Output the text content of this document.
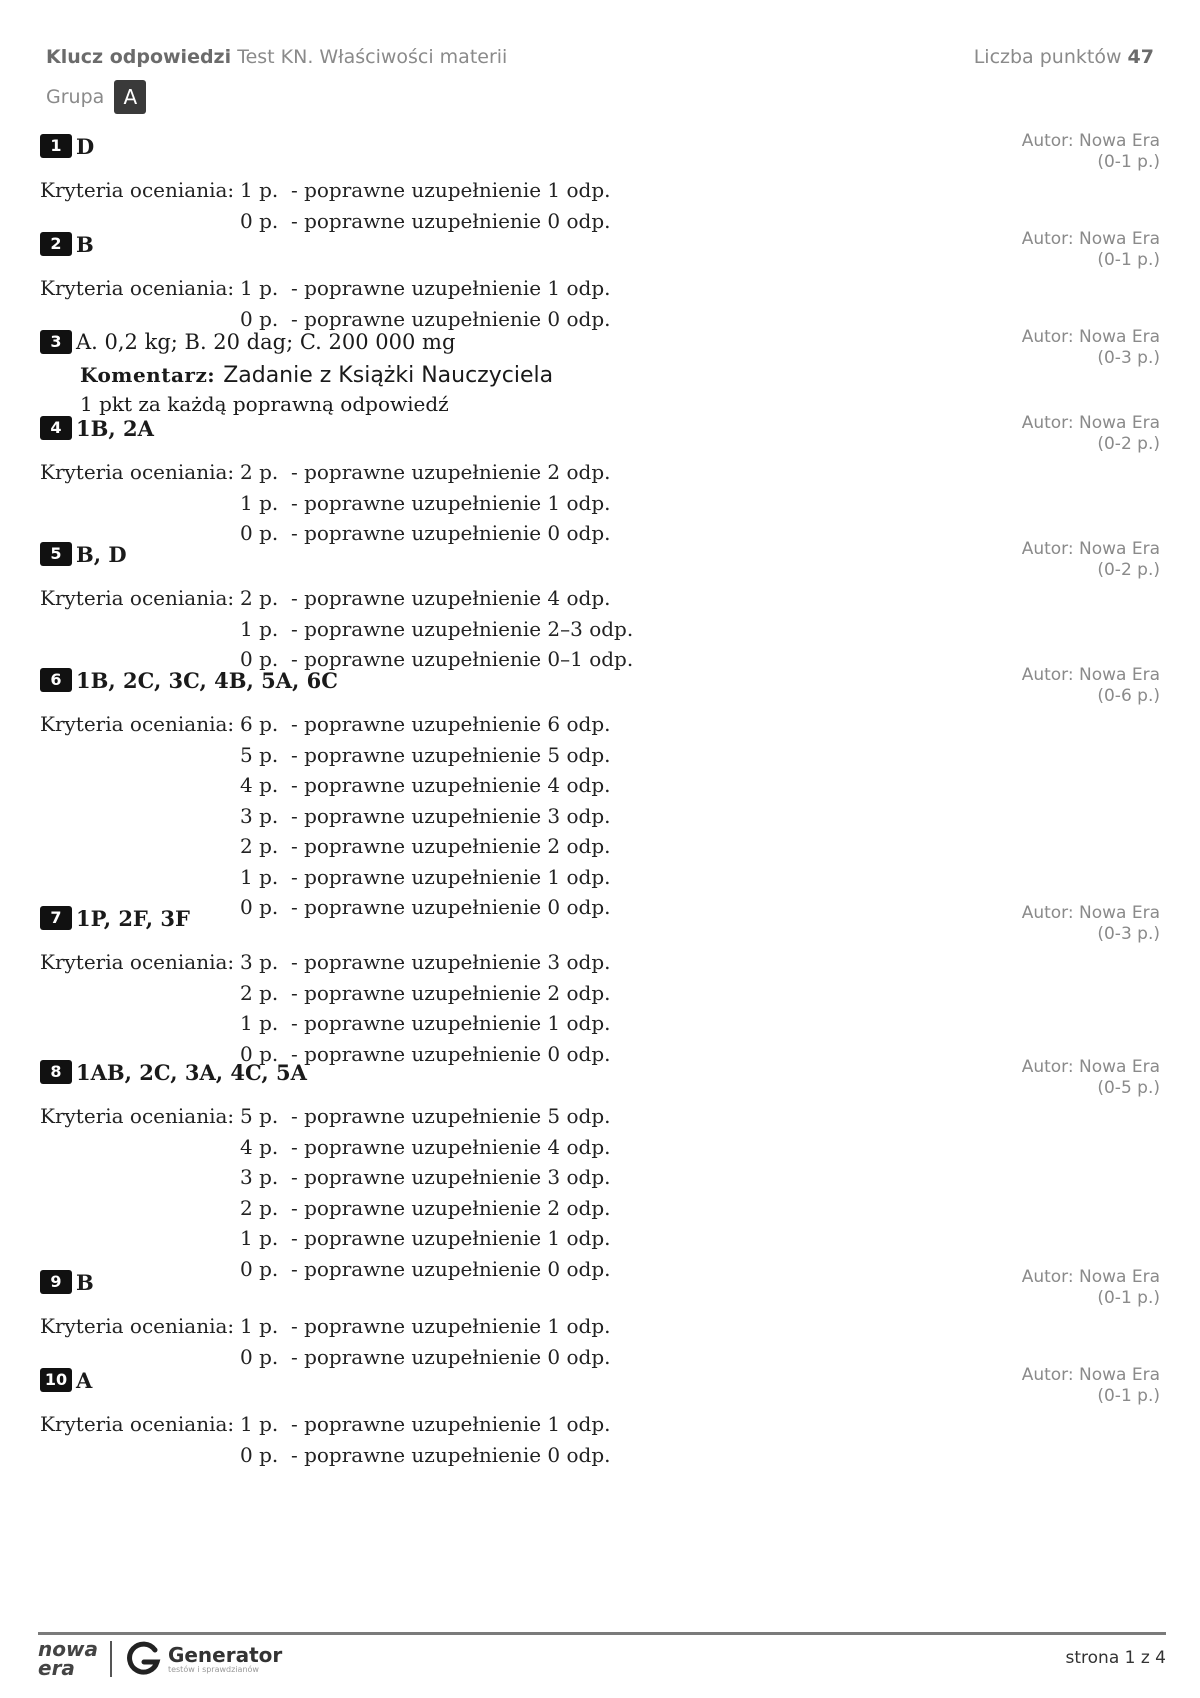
Klucz odpowiedzi Test KN. Właściwości materii
Grupa A
Liczba punktów 47
1 D	Autor: Nowa Era
(0-1 p.)
Kryteria oceniania: 1 p.  - poprawne uzupełnienie 1 odp.
0 p.  - poprawne uzupełnienie 0 odp.
2 B	Autor: Nowa Era
(0-1 p.)
Kryteria oceniania: 1 p.  - poprawne uzupełnienie 1 odp.
0 p.  - poprawne uzupełnienie 0 odp.
3 A. 0,2 kg; B. 20 dag; C. 200 000 mg	Autor: Nowa Era
(0-3 p.)
Komentarz: Zadanie z Książki Nauczyciela
1 pkt za każdą poprawną odpowiedź
4 1B, 2A	Autor: Nowa Era
(0-2 p.)
Kryteria oceniania: 2 p.  - poprawne uzupełnienie 2 odp.
1 p.  - poprawne uzupełnienie 1 odp.
0 p.  - poprawne uzupełnienie 0 odp.
5 B, D	Autor: Nowa Era
(0-2 p.)
Kryteria oceniania: 2 p.  - poprawne uzupełnienie 4 odp.
1 p.  - poprawne uzupełnienie 2–3 odp.
0 p.  - poprawne uzupełnienie 0–1 odp.
6 1B, 2C, 3C, 4B, 5A, 6C	Autor: Nowa Era
(0-6 p.)
Kryteria oceniania: 6 p.  - poprawne uzupełnienie 6 odp.
5 p.  - poprawne uzupełnienie 5 odp.
4 p.  - poprawne uzupełnienie 4 odp.
3 p.  - poprawne uzupełnienie 3 odp.
2 p.  - poprawne uzupełnienie 2 odp.
1 p.  - poprawne uzupełnienie 1 odp.
0 p.  - poprawne uzupełnienie 0 odp.
7 1P, 2F, 3F	Autor: Nowa Era
(0-3 p.)
Kryteria oceniania: 3 p.  - poprawne uzupełnienie 3 odp.
2 p.  - poprawne uzupełnienie 2 odp.
1 p.  - poprawne uzupełnienie 1 odp.
0 p.  - poprawne uzupełnienie 0 odp.
8 1AB, 2C, 3A, 4C, 5A	Autor: Nowa Era
(0-5 p.)
Kryteria oceniania: 5 p.  - poprawne uzupełnienie 5 odp.
4 p.  - poprawne uzupełnienie 4 odp.
3 p.  - poprawne uzupełnienie 3 odp.
2 p.  - poprawne uzupełnienie 2 odp.
1 p.  - poprawne uzupełnienie 1 odp.
0 p.  - poprawne uzupełnienie 0 odp.
9 B	Autor: Nowa Era
(0-1 p.)
Kryteria oceniania: 1 p.  - poprawne uzupełnienie 1 odp.
0 p.  - poprawne uzupełnienie 0 odp.
10 A	Autor: Nowa Era
(0-1 p.)
Kryteria oceniania: 1 p.  - poprawne uzupełnienie 1 odp.
0 p.  - poprawne uzupełnienie 0 odp.
nowa
era
Generator
testów i sprawdzianów
strona 1 z 4
